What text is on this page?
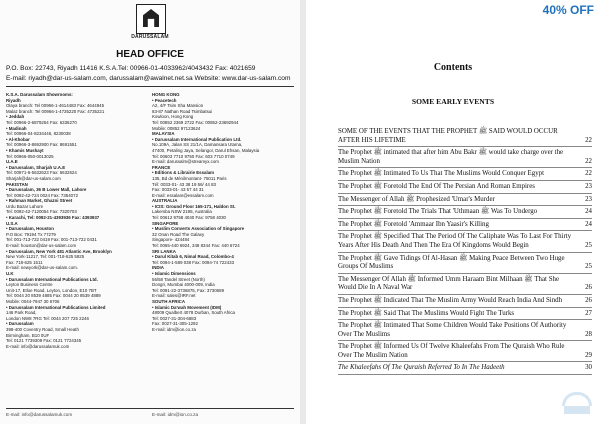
DARUSSALAM
HEAD OFFICE
P.O. Box: 22743, Riyadh 11416 K.S.A.Tel: 00966-01-4033962/4043432 Fax: 4021659
E-mail: riyadh@dar-us-salam.com, darussalam@awalnet.net.sa Website: www.dar-us-salam.com
K.S.A. Darussalam Showrooms:
Riyadh
Olaya branch: Tel 00966-1-4614483 Fax: 4644945
Malaz branch: Tel 00966-1-4735220 Fax: 4735221
• Jeddah
Tel: 00966-2-6879254 Fax: 6336270
• Madinah
Tel: 00966-04-8234446, 8230038
• Al-Khobar
Tel: 00966-3-8692900 Fax: 8691551
• Khamis Mushayt
Tel: 00966-050-0013025
U.A.E
• Darussalam, Sharjah U.A.E
Tel: 00971-6-5632623 Fax: 5632624
Sharjah@dar-us-salam.com
PAKISTAN
• Darussalam, 36 B Lower Mall, Lahore
Tel: 0092-42-724 0024 Fax: 7354072
• Rahman Market, Ghazni Street
Urdu Bazar Lahore
Tel: 0092-42-7120054 Fax: 7320703
• Karachi, Tel: 0092-21-4393936 Fax: 4393937
U.S.A
• Darussalam, Houston
P.O Box: 79194 Tx 77279
Tel: 001-713-722 0419 Fax: 001-713-722 0431
E-mail: houston@dar-us-salam.com
• Darussalam, New York 481 Atlantic Ave, Brooklyn
New York-11217, Tel: 001-718-625 5925
Fax: 718-625 1511
E-mail: newyork@dar-us-salam.com.
U.K
• Darussalam International Publications Ltd.
Leyton Business Centre
Unit-17, Etloe Road, Leyton, London, E10 7BT
Tel: 0044 20 8539 4885 Fax: 0044 20 8539 4889
Mobile: 0044-7947 30 6706
• Darussalam International Publications Limited
146 Park Road,
London NW8 7RG Tel: 0044 207 725 2246
• Darussalam
398-400 Coventry Road, Small Heath
Birmingham, B10 0UF
Tel: 0121 7739309 Fax: 0121 7724345
E-mail: info@darussalamuk.com
HONG KONG
• Peacetech
A2, 4/F Tsim Sha Mansion
83-87 Nathan Road Tsimbatsui
Kowloon, Hong Kong
Tel: 00852 2369 2722 Fax: 00852-23692944
Mobile: 00852 97123624
MALAYSIA
• Darussalam International Publication Ltd.
No.109A, Jalan SS 21/1A, Damansara Utama,
47400, Petaling Jaya, Selangor, Darul Ehsan, Malaysia
Tel: 00603 7710 9750 Fax: 603 7710 0749
E-mail: darussalm@streamyx.com
FRANCE
• Editions & Librairie Essalam
135, Bd de Ménilmontant- 75011 Paris
Tél: 0033-01- 43 38 19 56/ 44 83
Fax: 0033-01- 43 57 44 31
E-mail: essalam@essalam.com
AUSTRALIA
• ICIS: Ground Floor 165-171, Haldon St.
Lakemba NSW 2195, Australia
Tel: 00612 9758 4040 Fax: 9758 4030
SINGAPORE
• Muslim Converts Association of Singapore
32 Onan Road The Galaxy
Singapore- 424484
Tel: 0065-440 6924, 348 8344 Fax: 440 6724
SRI LANKA
• Darul Kitab 6, Nimal Road, Colombo-4
Tel: 0094-1-589 038 Fax: 0094-74 722433
INDIA
• Islamic Dimensions
56/58 Tandel Street (North)
Dongri, Mumbai 4000-009, India
Tel: 0091-22-3736875, Fax: 3730689
E-mail: sales@IRF.net
SOUTH AFRICA
• Islamic Da'wah Movement (IDM)
48009 Qualbert 4078 Durban, South Africa
Tel: 0027-31-304-6883
Fax: 0027-31-305-1292
E-mail: idm@ion.co.za
E-mail: info@darussalamuk.com	E-mail: idm@ion.co.za
40% OFF
Contents
SOME EARLY EVENTS
SOME OF THE EVENTS THAT THE PROPHET ﷺ SAID WOULD OCCUR AFTER HIS LIFETIME	22
The Prophet ﷺ intimated that after him Abu Bakr ﷺ would take charge over the Muslim Nation	22
The Prophet ﷺ Intimated To Us That The Muslims Would Conquer Egypt	22
The Prophet ﷺ Foretold The End Of The Persian And Roman Empires	23
The Messenger of Allah ﷺ Prophesized 'Umar's Murder	23
The Prophet ﷺ Foretold The Trials That 'Uthmaan ﷺ Was To Undergo	24
The Prophet ﷺ Foretold 'Ammaar Ibn Yaasir's Killing	24
The Prophet ﷺ Specified That The Period Of The Caliphate Was To Last For Thirty Years After His Death And Then The Era Of Kingdoms Would Begin	25
The Prophet ﷺ Gave Tidings Of Al-Hasan ﷺ Making Peace Between Two Huge Groups Of Muslims	25
The Messenger Of Allah ﷺ Informed Umm Haraam Bint Milhaan ﷺ That She Would Die In A Naval War	26
The Prophet ﷺ Indicated That The Muslim Army Would Reach India And Sindh	26
The Prophet ﷺ Said That The Muslims Would Fight The Turks	27
The Prophet ﷺ Intimated That Some Children Would Take Positions Of Authority Over The Muslims	28
The Prophet ﷺ Informed Us Of Twelve Khaleefahs From The Quraish Who Rule Over The Muslim Nation	29
The Khaleefahs Of The Quraish Referred To In The Hadeeth	30
